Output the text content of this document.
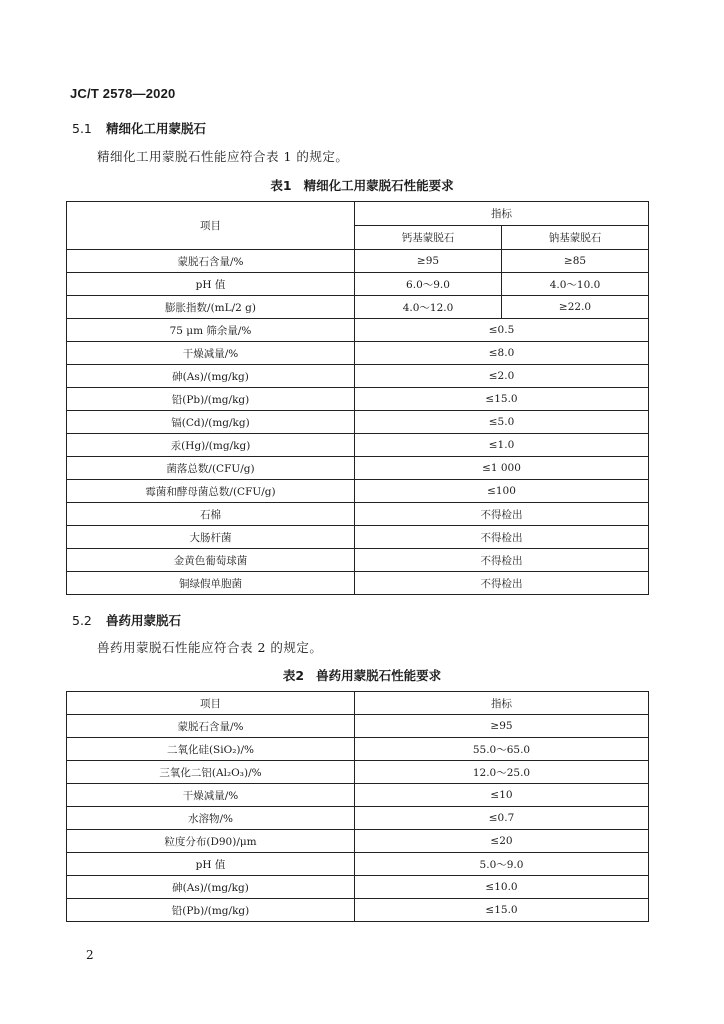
JC/T 2578—2020
5.1 精细化工用蒙脱石
精细化工用蒙脱石性能应符合表 1 的规定。
表1 精细化工用蒙脱石性能要求
项目	指标	
	钙基蒙脱石	钠基蒙脱石
蒙脱石含量/%	≥95	≥85
pH 值	6.0～9.0	4.0～10.0
膨胀指数/(mL/2 g)	4.0～12.0	≥22.0
75 μm 筛余量/%	≤0.5	
干燥减量/%	≤8.0	
砷(As)/(mg/kg)	≤2.0	
铅(Pb)/(mg/kg)	≤15.0	
镉(Cd)/(mg/kg)	≤5.0	
汞(Hg)/(mg/kg)	≤1.0	
菌落总数/(CFU/g)	≤1 000	
霉菌和酵母菌总数/(CFU/g)	≤100	
石棉	不得检出	
大肠杆菌	不得检出	
金黄色葡萄球菌	不得检出	
铜绿假单胞菌	不得检出	
5.2 兽药用蒙脱石
兽药用蒙脱石性能应符合表 2 的规定。
表2 兽药用蒙脱石性能要求
项目	指标
蒙脱石含量/%	≥95
二氧化硅(SiO₂)/%	55.0～65.0
三氧化二铝(Al₂O₃)/%	12.0～25.0
干燥减量/%	≤10
水溶物/%	≤0.7
粒度分布(D90)/μm	≤20
pH 值	5.0～9.0
砷(As)/(mg/kg)	≤10.0
铅(Pb)/(mg/kg)	≤15.0
2
